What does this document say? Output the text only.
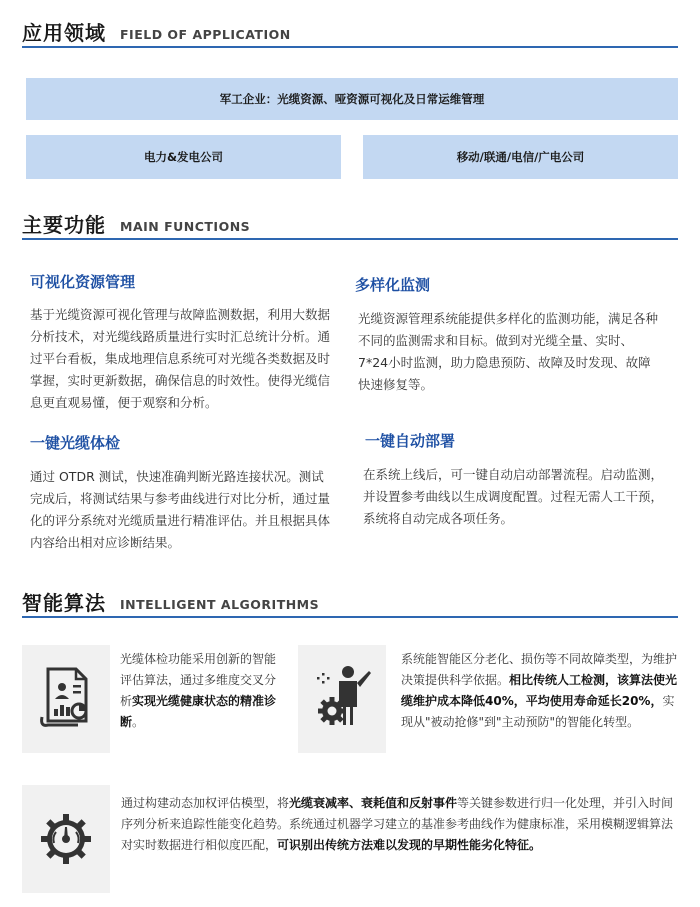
应用领域 FIELD OF APPLICATION
军工企业：光缆资源、哑资源可视化及日常运维管理
电力&发电公司	移动/联通/电信/广电公司
主要功能 MAIN FUNCTIONS
可视化资源管理
基于光缆资源可视化管理与故障监测数据，利用大数据分析技术，对光缆线路质量进行实时汇总统计分析。通过平台看板，集成地理信息系统可对光缆各类数据及时掌握，实时更新数据，确保信息的时效性。使得光缆信息更直观易懂，便于观察和分析。
多样化监测
光缆资源管理系统能提供多样化的监测功能，满足各种不同的监测需求和目标。做到对光缆全量、实时、7*24小时监测，助力隐患预防、故障及时发现、故障快速修复等。
一键光缆体检
通过 OTDR 测试，快速准确判断光路连接状况。测试完成后，将测试结果与参考曲线进行对比分析，通过量化的评分系统对光缆质量进行精准评估。并且根据具体内容给出相对应诊断结果。
一键自动部署
在系统上线后，可一键自动启动部署流程。启动监测，并设置参考曲线以生成调度配置。过程无需人工干预，系统将自动完成各项任务。
智能算法 INTELLIGENT ALGORITHMS
光缆体检功能采用创新的智能评估算法，通过多维度交叉分析实现光缆健康状态的精准诊断。
系统能智能区分老化、损伤等不同故障类型，为维护决策提供科学依据。相比传统人工检测，该算法使光缆维护成本降低40%，平均使用寿命延长20%，实现从"被动抢修"到"主动预防"的智能化转型。
通过构建动态加权评估模型，将光缆衰减率、衰耗值和反射事件等关键参数进行归一化处理，并引入时间序列分析来追踪性能变化趋势。系统通过机器学习建立的基准参考曲线作为健康标准，采用模糊逻辑算法对实时数据进行相似度匹配，可识别出传统方法难以发现的早期性能劣化特征。
